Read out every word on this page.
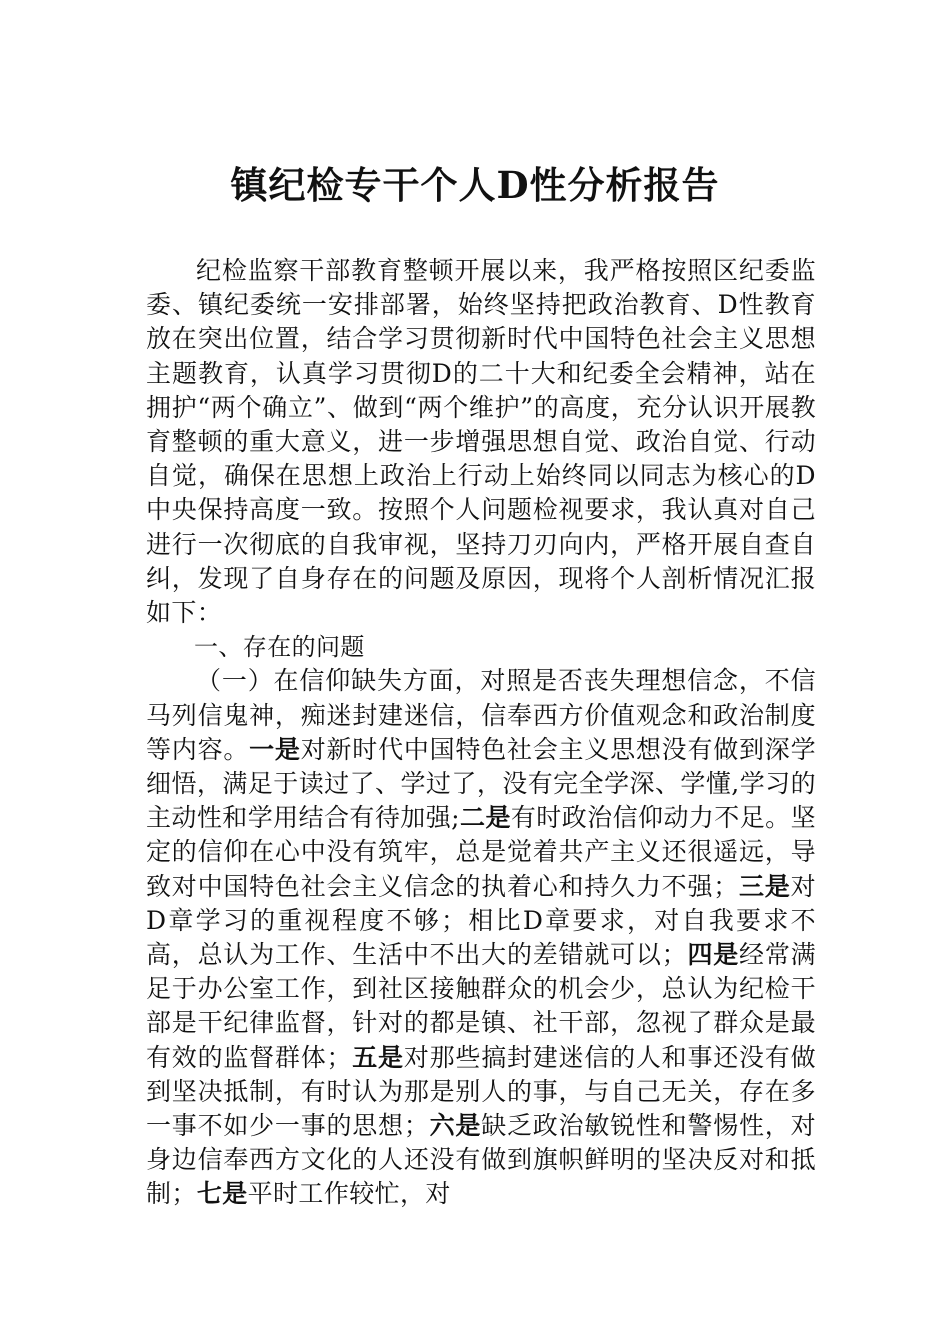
镇纪检专干个人D性分析报告

纪检监察干部教育整顿开展以来，我严格按照区纪委监委、镇纪委统一安排部署，始终坚持把政治教育、D性教育放在突出位置，结合学习贯彻新时代中国特色社会主义思想主题教育，认真学习贯彻D的二十大和纪委全会精神，站在拥护“两个确立”、做到“两个维护”的高度，充分认识开展教育整顿的重大意义，进一步增强思想自觉、政治自觉、行动自觉，确保在思想上政治上行动上始终同以同志为核心的D中央保持高度一致。按照个人问题检视要求，我认真对自己进行一次彻底的自我审视，坚持刀刃向内，严格开展自查自纠，发现了自身存在的问题及原因，现将个人剖析情况汇报如下：

一、存在的问题

（一）在信仰缺失方面，对照是否丧失理想信念，不信马列信鬼神，痴迷封建迷信，信奉西方价值观念和政治制度等内容。一是对新时代中国特色社会主义思想没有做到深学细悟，满足于读过了、学过了，没有完全学深、学懂,学习的主动性和学用结合有待加强;二是有时政治信仰动力不足。坚定的信仰在心中没有筑牢，总是觉着共产主义还很遥远，导致对中国特色社会主义信念的执着心和持久力不强；三是对D章学习的重视程度不够；相比D章要求，对自我要求不高，总认为工作、生活中不出大的差错就可以；四是经常满足于办公室工作，到社区接触群众的机会少，总认为纪检干部是干纪律监督，针对的都是镇、社干部，忽视了群众是最有效的监督群体；五是对那些搞封建迷信的人和事还没有做到坚决抵制，有时认为那是别人的事，与自己无关，存在多一事不如少一事的思想；六是缺乏政治敏锐性和警惕性，对身边信奉西方文化的人还没有做到旗帜鲜明的坚决反对和抵制；七是平时工作较忙，对
